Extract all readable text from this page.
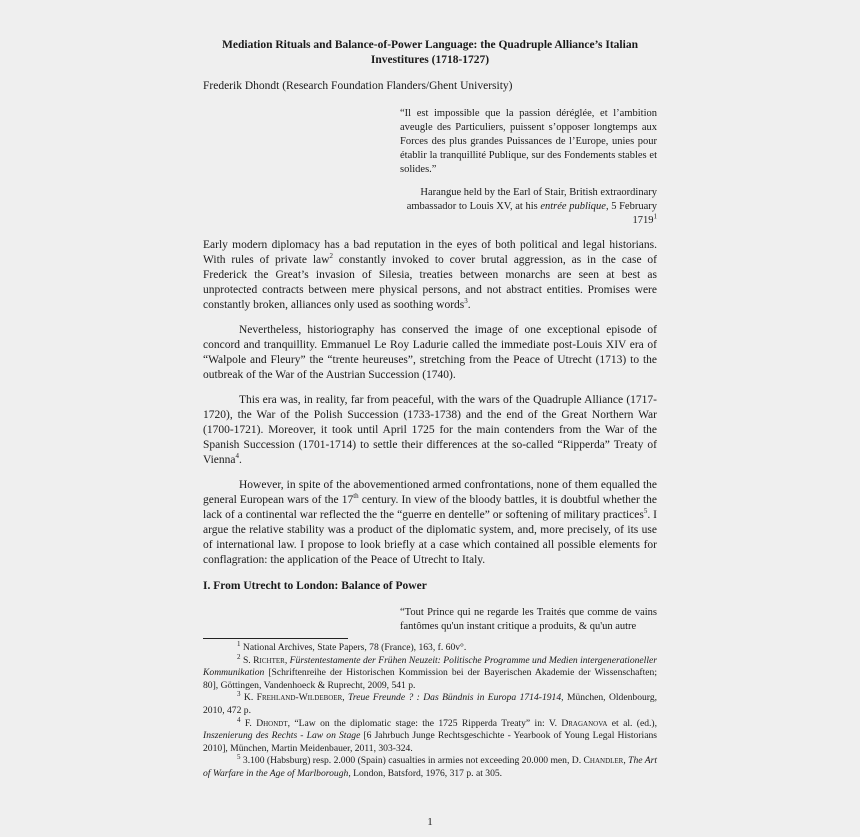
Mediation Rituals and Balance-of-Power Language: the Quadruple Alliance’s Italian
Investitures (1718-1727)
Frederik Dhondt (Research Foundation Flanders/Ghent University)
“Il est impossible que la passion déréglée, et l’ambition aveugle des Particuliers, puissent s’opposer longtemps aux Forces des plus grandes Puissances de l’Europe, unies pour établir la tranquillité Publique, sur des Fondements stables et solides.”
Harangue held by the Earl of Stair, British extraordinary ambassador to Louis XV, at his entrée publique, 5 February 1719$^1$
Early modern diplomacy has a bad reputation in the eyes of both political and legal historians. With rules of private law$^2$ constantly invoked to cover brutal aggression, as in the case of Frederick the Great’s invasion of Silesia, treaties between monarchs are seen at best as unprotected contracts between mere physical persons, and not abstract entities. Promises were constantly broken, alliances only used as soothing words$^3$.
Nevertheless, historiography has conserved the image of one exceptional episode of concord and tranquillity. Emmanuel Le Roy Ladurie called the immediate post-Louis XIV era of “Walpole and Fleury” the “trente heureuses”, stretching from the Peace of Utrecht (1713) to the outbreak of the War of the Austrian Succession (1740).
This era was, in reality, far from peaceful, with the wars of the Quadruple Alliance (1717-1720), the War of the Polish Succession (1733-1738) and the end of the Great Northern War (1700-1721). Moreover, it took until April 1725 for the main contenders from the War of the Spanish Succession (1701-1714) to settle their differences at the so-called “Ripperda” Treaty of Vienna$^4$.
However, in spite of the abovementioned armed confrontations, none of them equalled the general European wars of the 17th century. In view of the bloody battles, it is doubtful whether the lack of a continental war reflected the the “guerre en dentelle” or softening of military practices$^5$. I argue the relative stability was a product of the diplomatic system, and, more precisely, of its use of international law. I propose to look briefly at a case which contained all possible elements for conflagration: the application of the Peace of Utrecht to Italy.
I. From Utrecht to London: Balance of Power
“Tout Prince qui ne regarde les Traités que comme de vains fantômes qu'un instant critique a produits, & qu'un autre
$^1$ National Archives, State Papers, 78 (France), 163, f. 60v°.
$^2$ S. Richter, Fürstentestamente der Frühen Neuzeit: Politische Programme und Medien intergenerationeller Kommunikation [Schriftenreihe der Historischen Kommission bei der Bayerischen Akademie der Wissenschaften; 80], Göttingen, Vandenhoeck & Ruprecht, 2009, 541 p.
$^3$ K. Frehland-Wildeboer, Treue Freunde ? : Das Bündnis in Europa 1714-1914, München, Oldenbourg, 2010, 472 p.
$^4$ F. Dhondt, “Law on the diplomatic stage: the 1725 Ripperda Treaty” in: V. Draganova et al. (ed.), Inszenierung des Rechts - Law on Stage [6 Jahrbuch Junge Rechtsgeschichte - Yearbook of Young Legal Historians 2010], München, Martin Meidenbauer, 2011, 303-324.
$^5$ 3.100 (Habsburg) resp. 2.000 (Spain) casualties in armies not exceeding 20.000 men, D. Chandler, The Art of Warfare in the Age of Marlborough, London, Batsford, 1976, 317 p. at 305.
1
